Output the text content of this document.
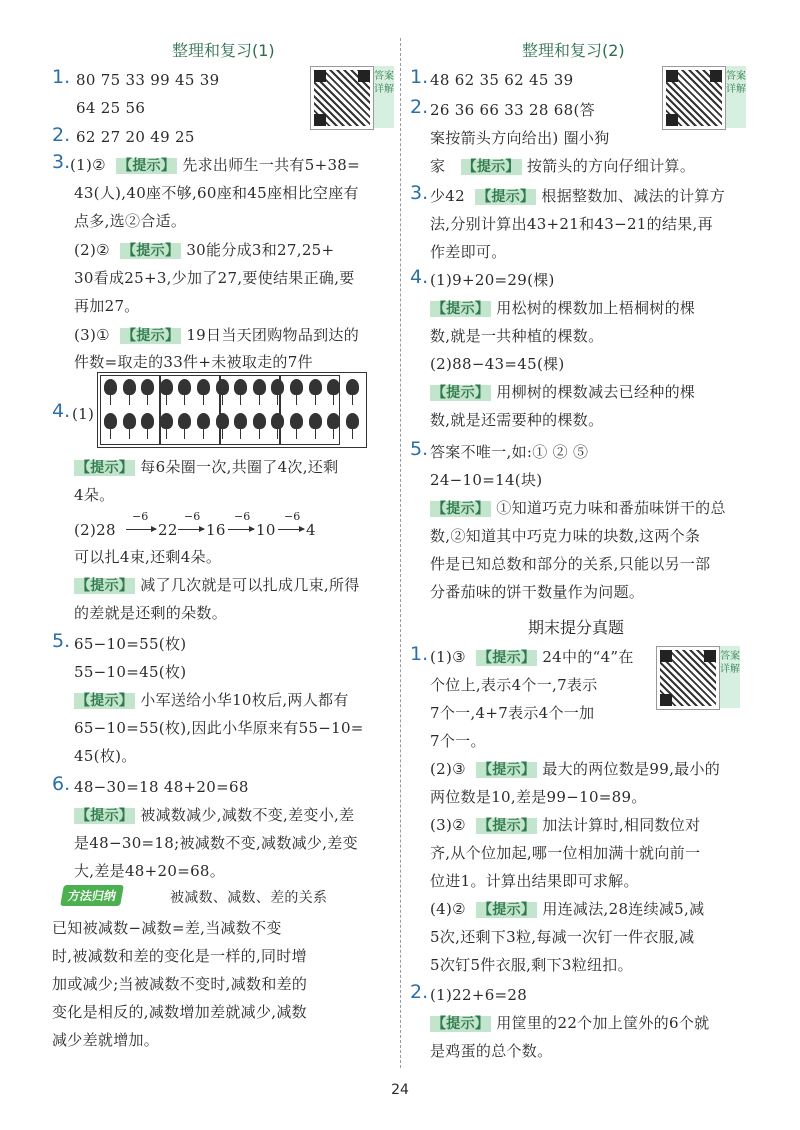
整理和复习(1)
答案详解
1. 80 75 33 99 45 39
64 25 56
2. 62 27 20 49 25
3. (1)② 【提示】 先求出师生一共有5+38=
43(人),40座不够,60座和45座相比空座有
点多,选②合适。
(2)② 【提示】 30能分成3和27,25+
30看成25+3,少加了27,要使结果正确,要
再加27。
(3)① 【提示】 19日当天团购物品到达的
件数=取走的33件+未被取走的7件
4. (1)
【提示】 每6朵圈一次,共圈了4次,还剩
4朵。
(2)28
−6
22
−6
16
−6
10
−6
4
可以扎4束,还剩4朵。
【提示】 减了几次就是可以扎成几束,所得
的差就是还剩的朵数。
5. 65−10=55(枚)
55−10=45(枚)
【提示】 小军送给小华10枚后,两人都有
65−10=55(枚),因此小华原来有55−10=
45(枚)。
6. 48−30=18 48+20=68
【提示】 被减数减少,减数不变,差变小,差
是48−30=18;被减数不变,减数减少,差变
大,差是48+20=68。
方法归纳	被减数、减数、差的关系
已知被减数−减数=差,当减数不变
时,被减数和差的变化是一样的,同时增
加或减少;当被减数不变时,减数和差的
变化是相反的,减数增加差就减少,减数
减少差就增加。
整理和复习(2)
答案详解
1. 48 62 35 62 45 39
2. 26 36 66 33 28 68(答
案按箭头方向给出) 圈小狗
家 【提示】 按箭头的方向仔细计算。
3. 少42 【提示】 根据整数加、减法的计算方
法,分别计算出43+21和43−21的结果,再
作差即可。
4. (1)9+20=29(棵)
【提示】 用松树的棵数加上梧桐树的棵
数,就是一共种植的棵数。
(2)88−43=45(棵)
【提示】 用柳树的棵数减去已经种的棵
数,就是还需要种的棵数。
5. 答案不唯一,如:① ② ⑤
24−10=14(块)
【提示】 ①知道巧克力味和番茄味饼干的总
数,②知道其中巧克力味的块数,这两个条
件是已知总数和部分的关系,只能以另一部
分番茄味的饼干数量作为问题。
期末提分真题
答案详解
1. (1)③ 【提示】 24中的“4”在
个位上,表示4个一,7表示
7个一,4+7表示4个一加
7个一。
(2)③ 【提示】 最大的两位数是99,最小的
两位数是10,差是99−10=89。
(3)② 【提示】 加法计算时,相同数位对
齐,从个位加起,哪一位相加满十就向前一
位进1。计算出结果即可求解。
(4)② 【提示】 用连减法,28连续减5,减
5次,还剩下3粒,每减一次钉一件衣服,减
5次钉5件衣服,剩下3粒纽扣。
2. (1)22+6=28
【提示】 用筐里的22个加上筐外的6个就
是鸡蛋的总个数。
24
